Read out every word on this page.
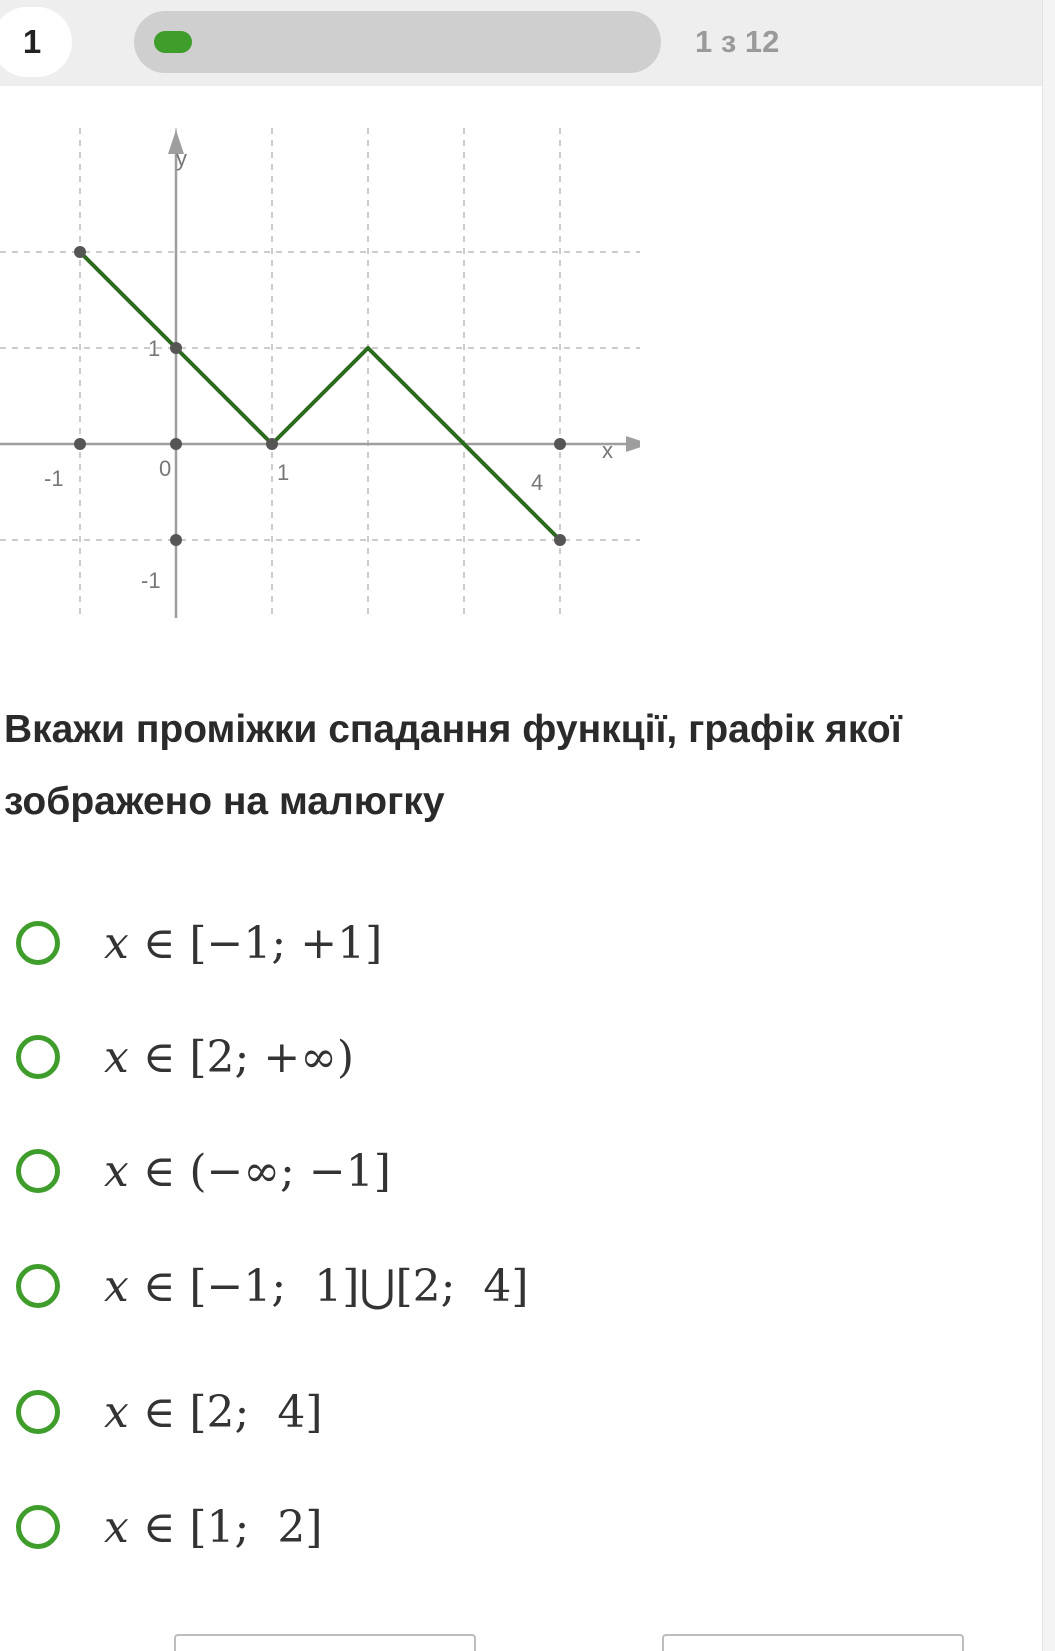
1	1 з 12
y
x
-1	0	1	4
1
-1
Вкажи проміжки спадання функції, графік якої зображено на малюгку
x ∈ [−1; +1]
x ∈ [2; +∞)
x ∈ (−∞; −1]
x ∈ [−1;  1]⋃[2;  4]
x ∈ [2;  4]
x ∈ [1;  2]
